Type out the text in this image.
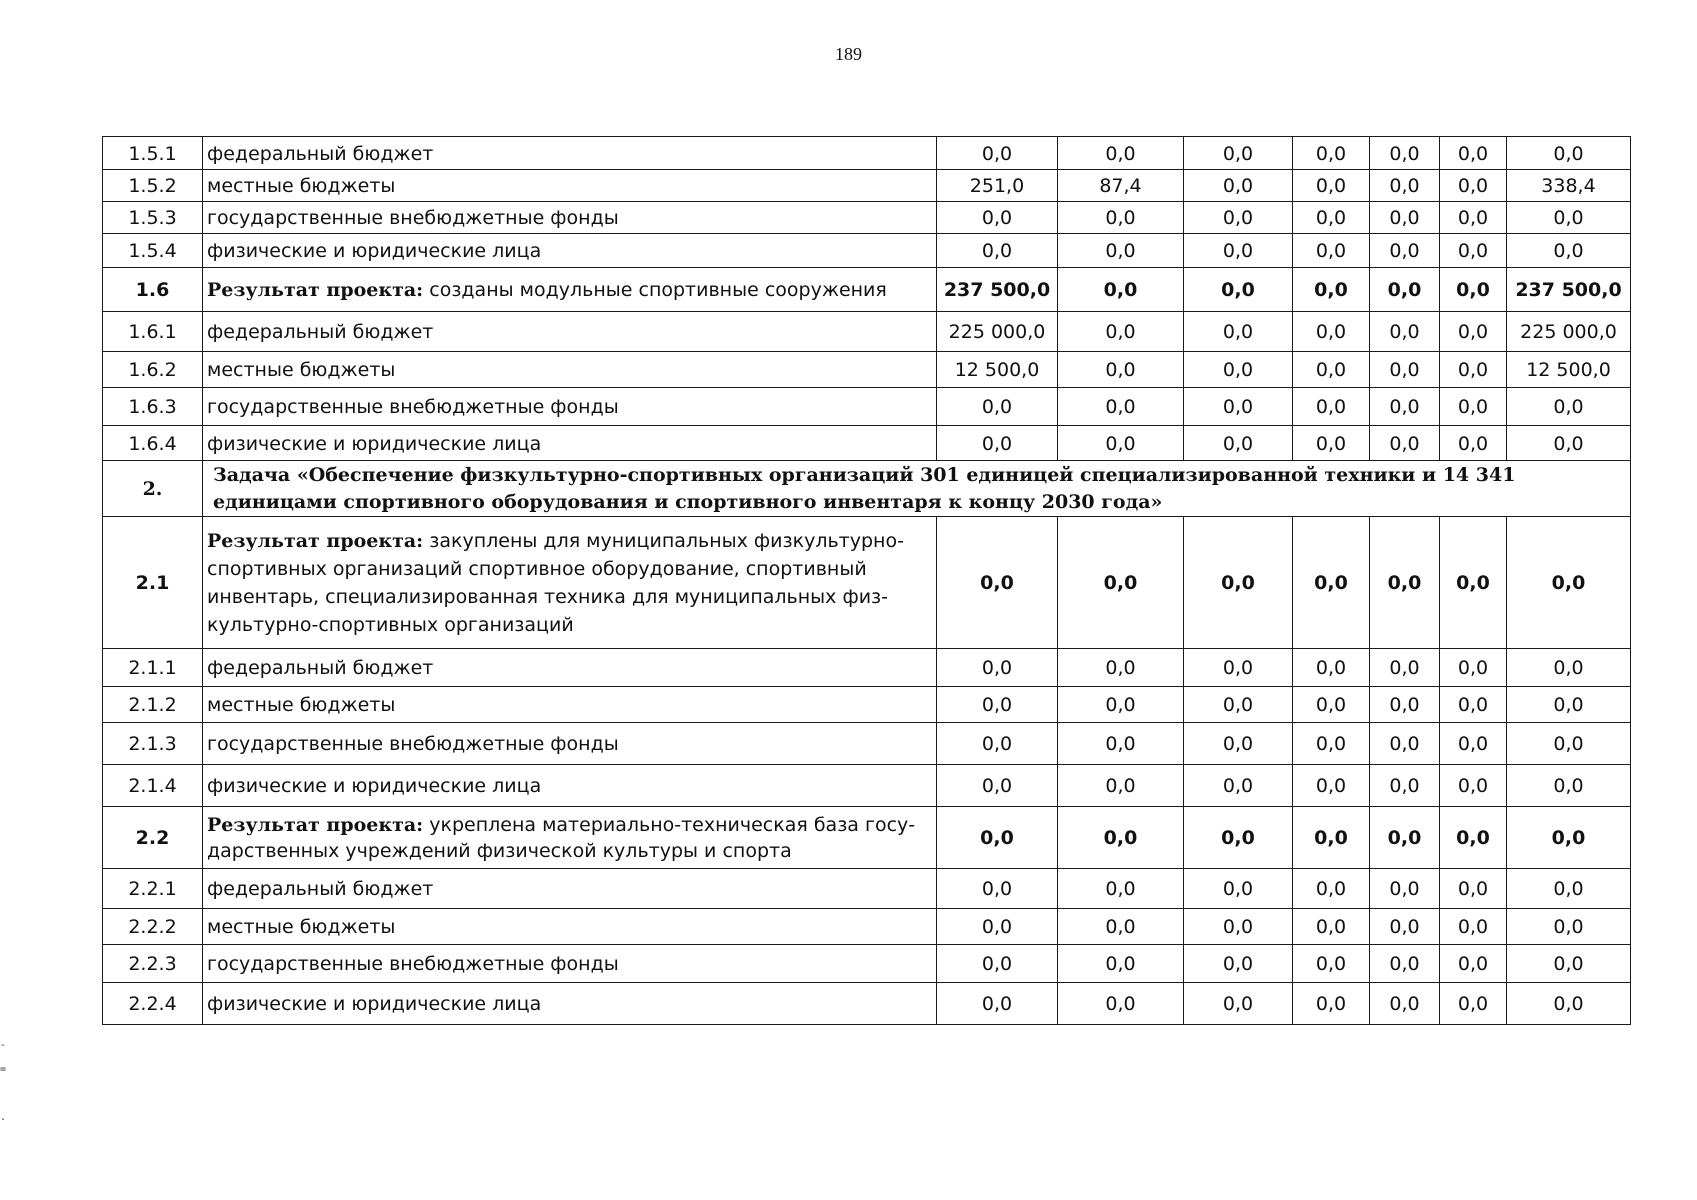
189
1.5.1	федеральный бюджет	0,0	0,0	0,0	0,0	0,0	0,0	0,0
1.5.2	местные бюджеты	251,0	87,4	0,0	0,0	0,0	0,0	338,4
1.5.3	государственные внебюджетные фонды	0,0	0,0	0,0	0,0	0,0	0,0	0,0
1.5.4	физические и юридические лица	0,0	0,0	0,0	0,0	0,0	0,0	0,0
1.6	Результат проекта: созданы модульные спортивные сооружения	237 500,0	0,0	0,0	0,0	0,0	0,0	237 500,0
1.6.1	федеральный бюджет	225 000,0	0,0	0,0	0,0	0,0	0,0	225 000,0
1.6.2	местные бюджеты	12 500,0	0,0	0,0	0,0	0,0	0,0	12 500,0
1.6.3	государственные внебюджетные фонды	0,0	0,0	0,0	0,0	0,0	0,0	0,0
1.6.4	физические и юридические лица	0,0	0,0	0,0	0,0	0,0	0,0	0,0
2.	Задача «Обеспечение физкультурно-спортивных организаций 301 единицей специализированной техники и 14 341 единицами спортивного оборудования и спортивного инвентаря к концу 2030 года»							
2.1	Результат проекта: закуплены для муниципальных физкультурно-спортивных организаций спортивное оборудование, спортивный инвентарь, специализированная техника для муниципальных физ-культурно-спортивных организаций	0,0	0,0	0,0	0,0	0,0	0,0	0,0
2.1.1	федеральный бюджет	0,0	0,0	0,0	0,0	0,0	0,0	0,0
2.1.2	местные бюджеты	0,0	0,0	0,0	0,0	0,0	0,0	0,0
2.1.3	государственные внебюджетные фонды	0,0	0,0	0,0	0,0	0,0	0,0	0,0
2.1.4	физические и юридические лица	0,0	0,0	0,0	0,0	0,0	0,0	0,0
2.2	Результат проекта: укреплена материально-техническая база госу-дарственных учреждений физической культуры и спорта	0,0	0,0	0,0	0,0	0,0	0,0	0,0
2.2.1	федеральный бюджет	0,0	0,0	0,0	0,0	0,0	0,0	0,0
2.2.2	местные бюджеты	0,0	0,0	0,0	0,0	0,0	0,0	0,0
2.2.3	государственные внебюджетные фонды	0,0	0,0	0,0	0,0	0,0	0,0	0,0
2.2.4	физические и юридические лица	0,0	0,0	0,0	0,0	0,0	0,0	0,0
-

=

.
